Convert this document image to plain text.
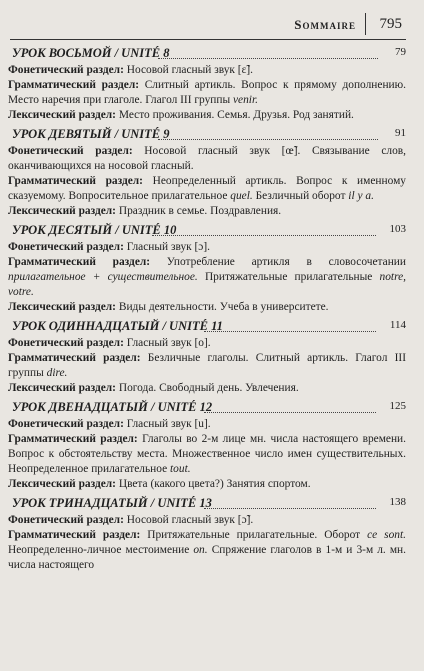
Sommaire 795
УРОК ВОСЬМОЙ / UNITÉ 8	79

Фонетический раздел: Носовой гласный звук [ɛ̃].

Грамматический раздел: Слитный артикль. Вопрос к прямому дополнению. Место наречия при глаголе. Глагол III группы venir.

Лексический раздел: Место проживания. Семья. Друзья. Род занятий.

УРОК ДЕВЯТЫЙ / UNITÉ 9	91

Фонетический раздел: Носовой гласный звук [œ̃]. Связывание слов, оканчивающихся на носовой гласный.

Грамматический раздел: Неопределенный артикль. Вопрос к именному сказуемому. Вопросительное прилагательное quel. Безличный оборот il y a.

Лексический раздел: Праздник в семье. Поздравления.

УРОК ДЕСЯТЫЙ / UNITÉ 10	103

Фонетический раздел: Гласный звук [ɔ].

Грамматический раздел: Употребление артикля в словосочетании прилагательное + существительное. Притяжательные прилагательные notre, votre.

Лексический раздел: Виды деятельности. Учеба в университете.

УРОК ОДИННАДЦАТЫЙ / UNITÉ 11	114

Фонетический раздел: Гласный звук [o].

Грамматический раздел: Безличные глаголы. Слитный артикль. Глагол III группы dire.

Лексический раздел: Погода. Свободный день. Увлечения.

УРОК ДВЕНАДЦАТЫЙ / UNITÉ 12	125

Фонетический раздел: Гласный звук [u].

Грамматический раздел: Глаголы во 2-м лице мн. числа настоящего времени. Вопрос к обстоятельству места. Множественное число имен существительных. Неопределенное прилагательное tout.

Лексический раздел: Цвета (какого цвета?) Занятия спортом.

УРОК ТРИНАДЦАТЫЙ / UNITÉ 13	138

Фонетический раздел: Носовой гласный звук [ɔ̃].

Грамматический раздел: Притяжательные прилагательные. Оборот ce sont. Неопределенно-личное местоимение on. Спряжение глаголов в 1-м и 3-м л. мн. числа настоящего
